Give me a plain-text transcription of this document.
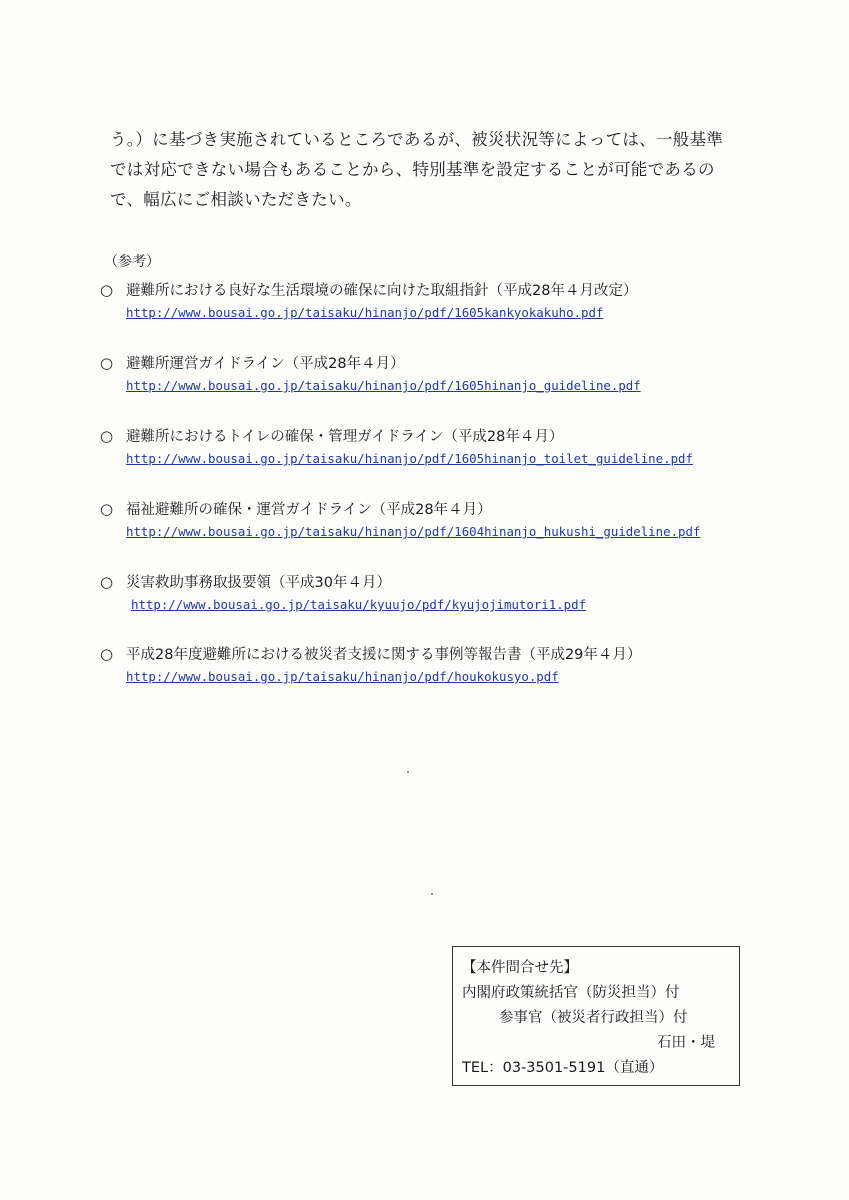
う。）に基づき実施されているところであるが、被災状況等によっては、一般基準
では対応できない場合もあることから、特別基準を設定することが可能であるの
で、幅広にご相談いただきたい。
（参考）
○ 避難所における良好な生活環境の確保に向けた取組指針（平成28年４月改定）
http://www.bousai.go.jp/taisaku/hinanjo/pdf/1605kankyokakuho.pdf
○ 避難所運営ガイドライン（平成28年４月）
http://www.bousai.go.jp/taisaku/hinanjo/pdf/1605hinanjo_guideline.pdf
○ 避難所におけるトイレの確保・管理ガイドライン（平成28年４月）
http://www.bousai.go.jp/taisaku/hinanjo/pdf/1605hinanjo_toilet_guideline.pdf
○ 福祉避難所の確保・運営ガイドライン（平成28年４月）
http://www.bousai.go.jp/taisaku/hinanjo/pdf/1604hinanjo_hukushi_guideline.pdf
○ 災害救助事務取扱要領（平成30年４月）
http://www.bousai.go.jp/taisaku/kyuujo/pdf/kyujojimutori1.pdf
○ 平成28年度避難所における被災者支援に関する事例等報告書（平成29年４月）
http://www.bousai.go.jp/taisaku/hinanjo/pdf/houkokusyo.pdf
【本件問合せ先】
内閣府政策統括官（防災担当）付
参事官（被災者行政担当）付
石田・堤
TEL：03-3501-5191（直通）
